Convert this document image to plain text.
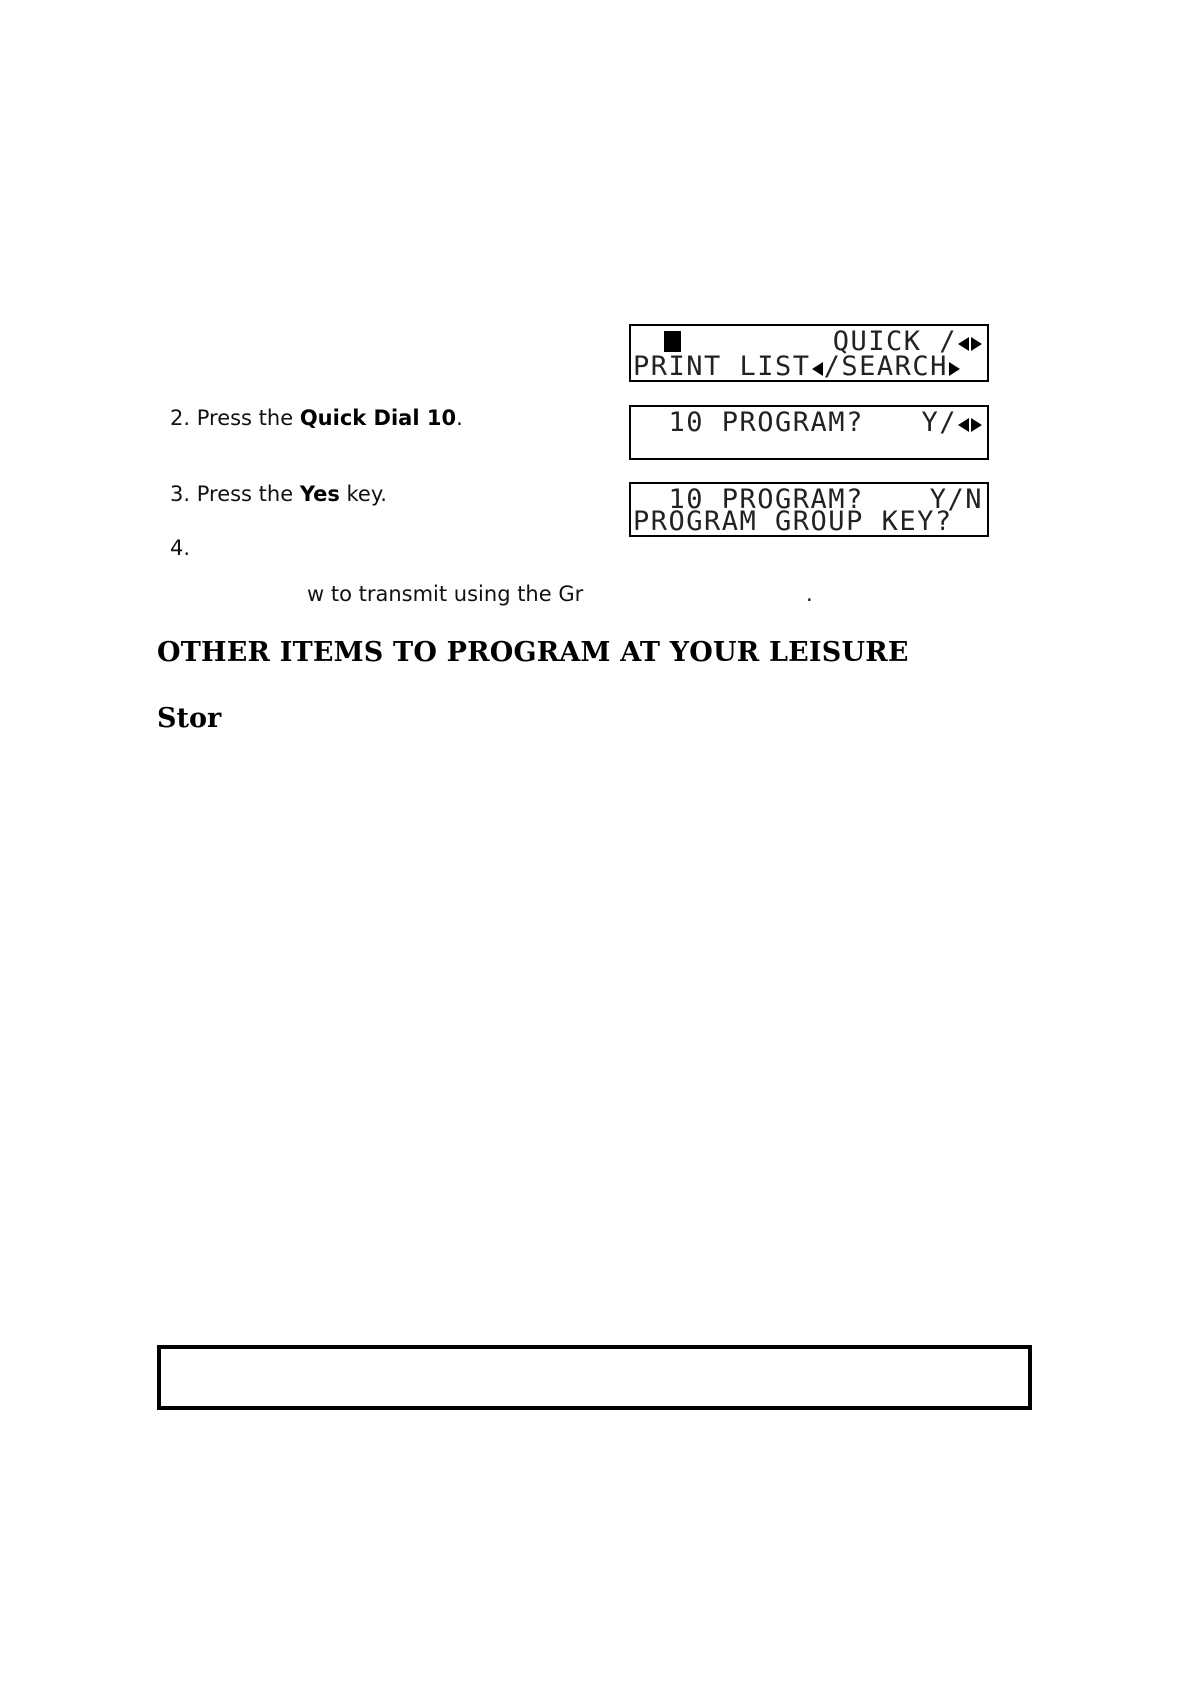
QUICK /

PRINT LIST /SEARCH

10 PROGRAM?

Y/

10 PROGRAM?

Y/N

PROGRAM GROUP KEY?

2. Press the Quick Dial 10.
3. Press the Yes key.
4.
w to transmit using the Gr	.
OTHER ITEMS TO PROGRAM AT YOUR LEISURE
Stor
